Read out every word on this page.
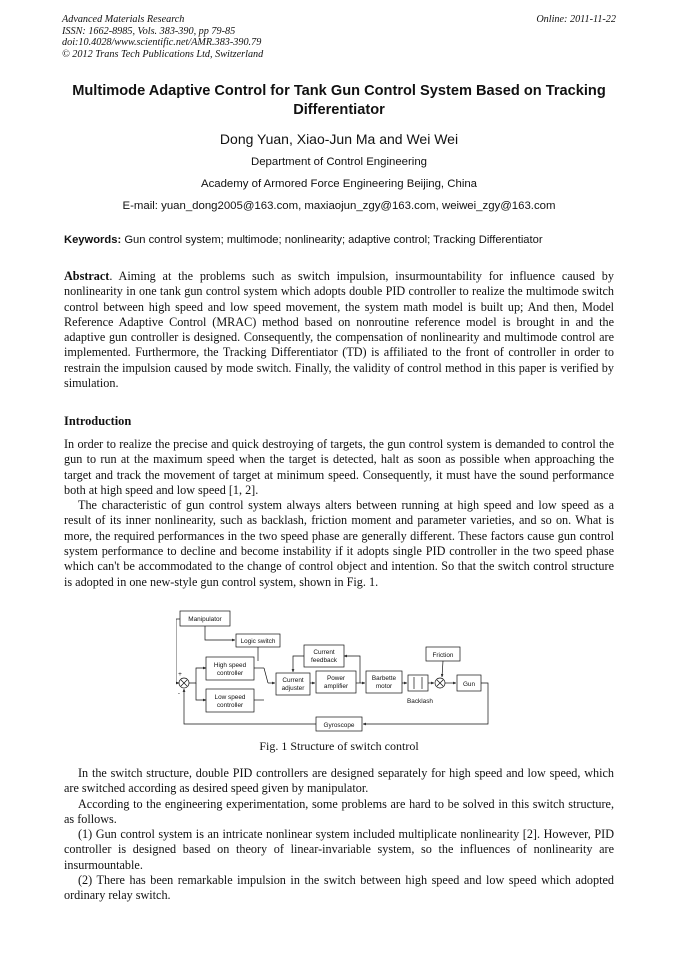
Advanced Materials Research
ISSN: 1662-8985, Vols. 383-390, pp 79-85
doi:10.4028/www.scientific.net/AMR.383-390.79
© 2012 Trans Tech Publications Ltd, Switzerland
Online: 2011-11-22
Multimode Adaptive Control for Tank Gun Control System Based on Tracking Differentiator
Dong Yuan, Xiao-Jun Ma and Wei Wei
Department of Control Engineering
Academy of Armored Force Engineering Beijing, China
E-mail: yuan_dong2005@163.com, maxiaojun_zgy@163.com, weiwei_zgy@163.com
Keywords: Gun control system; multimode; nonlinearity; adaptive control; Tracking Differentiator

Abstract. Aiming at the problems such as switch impulsion, insurmountability for influence caused by nonlinearity in one tank gun control system which adopts double PID controller to realize the multimode switch control between high speed and low speed movement, the system math model is built up; And then, Model Reference Adaptive Control (MRAC) method based on nonroutine reference model is brought in and the adaptive gun controller is designed. Consequently, the compensation of nonlinearity and multimode control are implemented. Furthermore, the Tracking Differentiator (TD) is affiliated to the front of controller in order to restrain the impulsion caused by mode switch. Finally, the validity of control method in this paper is verified by simulation.

Introduction

In order to realize the precise and quick destroying of targets, the gun control system is demanded to control the gun to run at the maximum speed when the target is detected, halt as soon as possible when approaching the target and track the movement of target at minimum speed. Consequently, it must have the sound performance both at high speed and low speed [1, 2].

The characteristic of gun control system always alters between running at high speed and low speed as a result of its inner nonlinearity, such as backlash, friction moment and parameter varieties, and so on. What is more, the required performances in the two speed phase are generally different. These factors cause gun control system performance to decline and become instability if it adopts single PID controller in the two speed phase which can't be accommodated to the change of control object and intention. So that the switch control structure is adopted in one new-style gun control system, shown in Fig. 1.

Manipulator
Logic switch
High speed
controller
Low speed
controller
Current
feedback
Current
adjuster
Power
amplifier
Barbette
motor
Friction
Gun
Backlash
Gyroscope
+
-
Fig. 1 Structure of switch control

In the switch structure, double PID controllers are designed separately for high speed and low speed, which are switched according as desired speed given by manipulator.

According to the engineering experimentation, some problems are hard to be solved in this switch structure, as follows.

(1) Gun control system is an intricate nonlinear system included multiplicate nonlinearity [2]. However, PID controller is designed based on theory of linear-invariable system, so the influences of nonlinearity are insurmountable.

(2) There has been remarkable impulsion in the switch between high speed and low speed which adopted ordinary relay switch.
